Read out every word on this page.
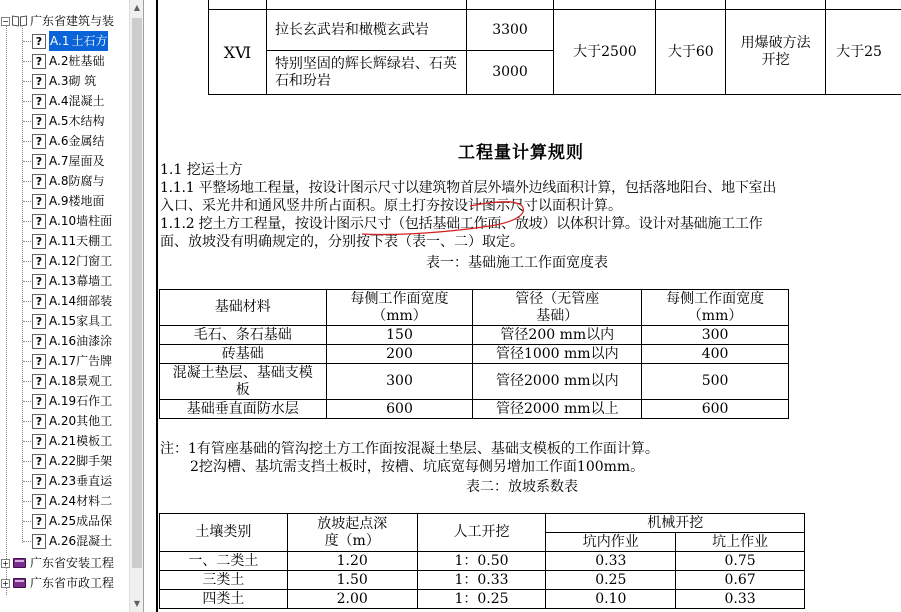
− 广东省建筑与装
? A.1 土石方
? A.2 桩基础
? A.3 砌 筑
? A.4 混凝土
? A.5 木结构
? A.6 金属结
? A.7 屋面及
? A.8 防腐与
? A.9 楼地面
? A.10 墙柱面
? A.11 天棚工
? A.12 门窗工
? A.13 幕墙工
? A.14 细部装
? A.15 家具工
? A.16 油漆涂
? A.17 广告牌
? A.18 景观工
? A.19 石作工
? A.20 其他工
? A.21 模板工
? A.22 脚手架
? A.23 垂直运
? A.24 材料二
? A.25 成品保
? A.26 混凝土
+ 广东省安装工程
+ 广东省市政工程
▲
▼

ⅩⅥ	拉长玄武岩和橄榄玄武岩	3300	大于2500	大于60	用爆破方法开挖	大于25
	特别坚固的辉长辉绿岩、石英石和玢岩	3000				
工程量计算规则
1.1 挖运土方
1.1.1 平整场地工程量，按设计图示尺寸以建筑物首层外墙外边线面积计算，包括落地阳台、地下室出
入口、采光井和通风竖井所占面积。原土打夯按设计图示尺寸以面积计算。
1.1.2 挖土方工程量，按设计图示尺寸（包括基础工作面、放坡）以体积计算。设计对基础施工工作
面、放坡没有明确规定的，分别按下表（表一、二）取定。
表一：基础施工工作面宽度表
基础材料	每侧工作面宽度（mm）	管径（无管座基础）	每侧工作面宽度（mm）
毛石、条石基础	150	管径200 mm以内	300
砖基础	200	管径1000 mm以内	400
混凝土垫层、基础支模板	300	管径2000 mm以内	500
基础垂直面防水层	600	管径2000 mm以上	600
注：1有管座基础的管沟挖土方工作面按混凝土垫层、基础支模板的工作面计算。
2挖沟槽、基坑需支挡土板时，按槽、坑底宽每侧另增加工作面100mm。
表二：放坡系数表
土壤类别	放坡起点深度（m）	人工开挖	机械开挖	
			坑内作业	坑上作业
一、二类土	1.20	1：0.50	0.33	0.75
三类土	1.50	1：0.33	0.25	0.67
四类土	2.00	1：0.25	0.10	0.33
